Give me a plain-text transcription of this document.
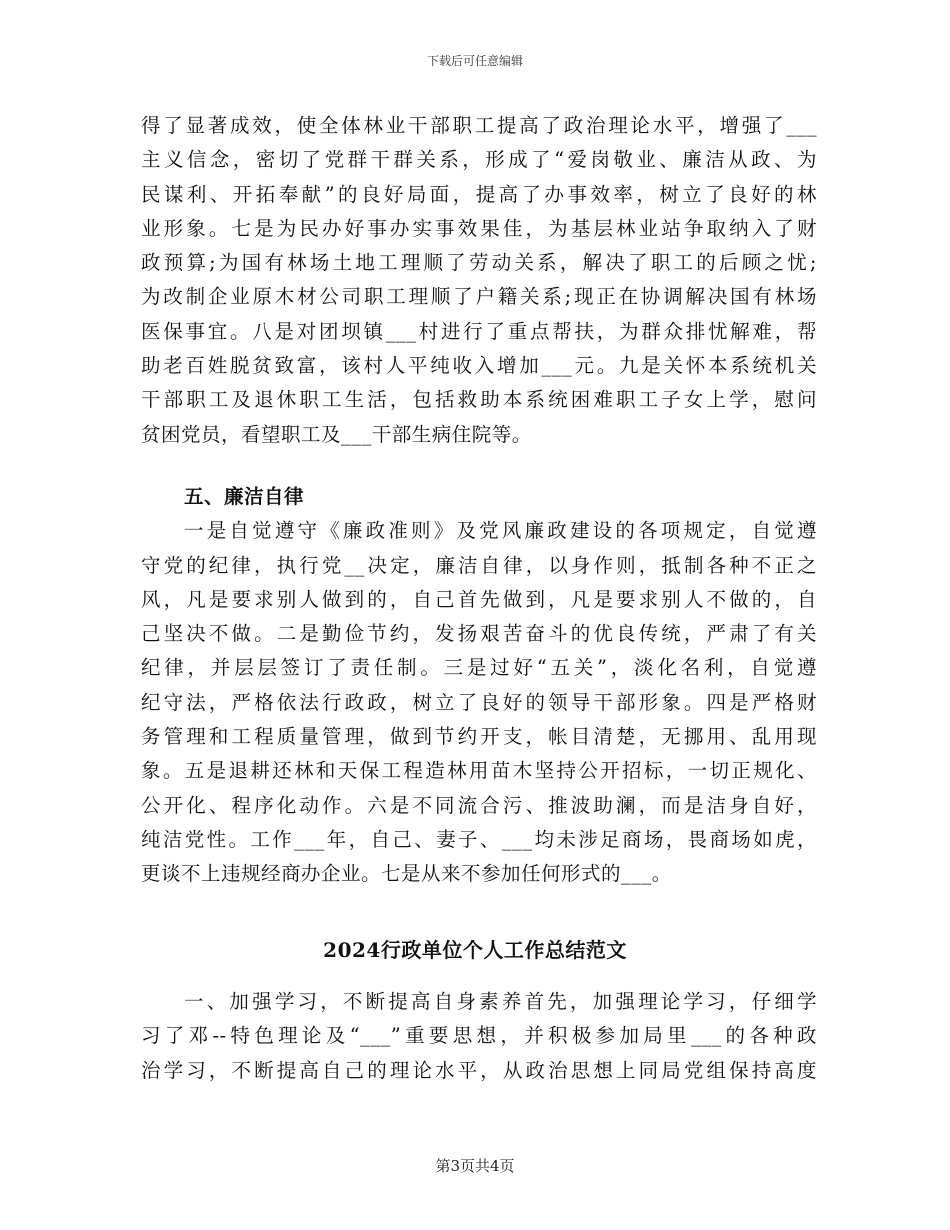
下载后可任意编辑
得了显著成效，使全体林业干部职工提高了政治理论水平，增强了___
主义信念，密切了党群干群关系，形成了“爱岗敬业、廉洁从政、为
民谋利、开拓奉献”的良好局面，提高了办事效率，树立了良好的林
业形象。七是为民办好事办实事效果佳，为基层林业站争取纳入了财
政预算;为国有林场土地工理顺了劳动关系，解决了职工的后顾之忧;
为改制企业原木材公司职工理顺了户籍关系;现正在协调解决国有林场
医保事宜。八是对团坝镇___村进行了重点帮扶，为群众排忧解难，帮
助老百姓脱贫致富，该村人平纯收入增加___元。九是关怀本系统机关
干部职工及退休职工生活，包括救助本系统困难职工子女上学，慰问
贫困党员，看望职工及___干部生病住院等。
五、廉洁自律
一是自觉遵守《廉政准则》及党风廉政建设的各项规定，自觉遵
守党的纪律，执行党__决定，廉洁自律，以身作则，抵制各种不正之
风，凡是要求别人做到的，自己首先做到，凡是要求别人不做的，自
己坚决不做。二是勤俭节约，发扬艰苦奋斗的优良传统，严肃了有关
纪律，并层层签订了责任制。三是过好“五关”，淡化名利，自觉遵
纪守法，严格依法行政政，树立了良好的领导干部形象。四是严格财
务管理和工程质量管理，做到节约开支，帐目清楚，无挪用、乱用现
象。五是退耕还林和天保工程造林用苗木坚持公开招标，一切正规化、
公开化、程序化动作。六是不同流合污、推波助澜，而是洁身自好，
纯洁党性。工作___年，自己、妻子、___均未涉足商场，畏商场如虎，
更谈不上违规经商办企业。七是从来不参加任何形式的___。
2024行政单位个人工作总结范文
一、加强学习，不断提高自身素养首先，加强理论学习，仔细学
习了邓--特色理论及“___”重要思想，并积极参加局里___的各种政
治学习，不断提高自己的理论水平，从政治思想上同局党组保持高度
第3页共4页
